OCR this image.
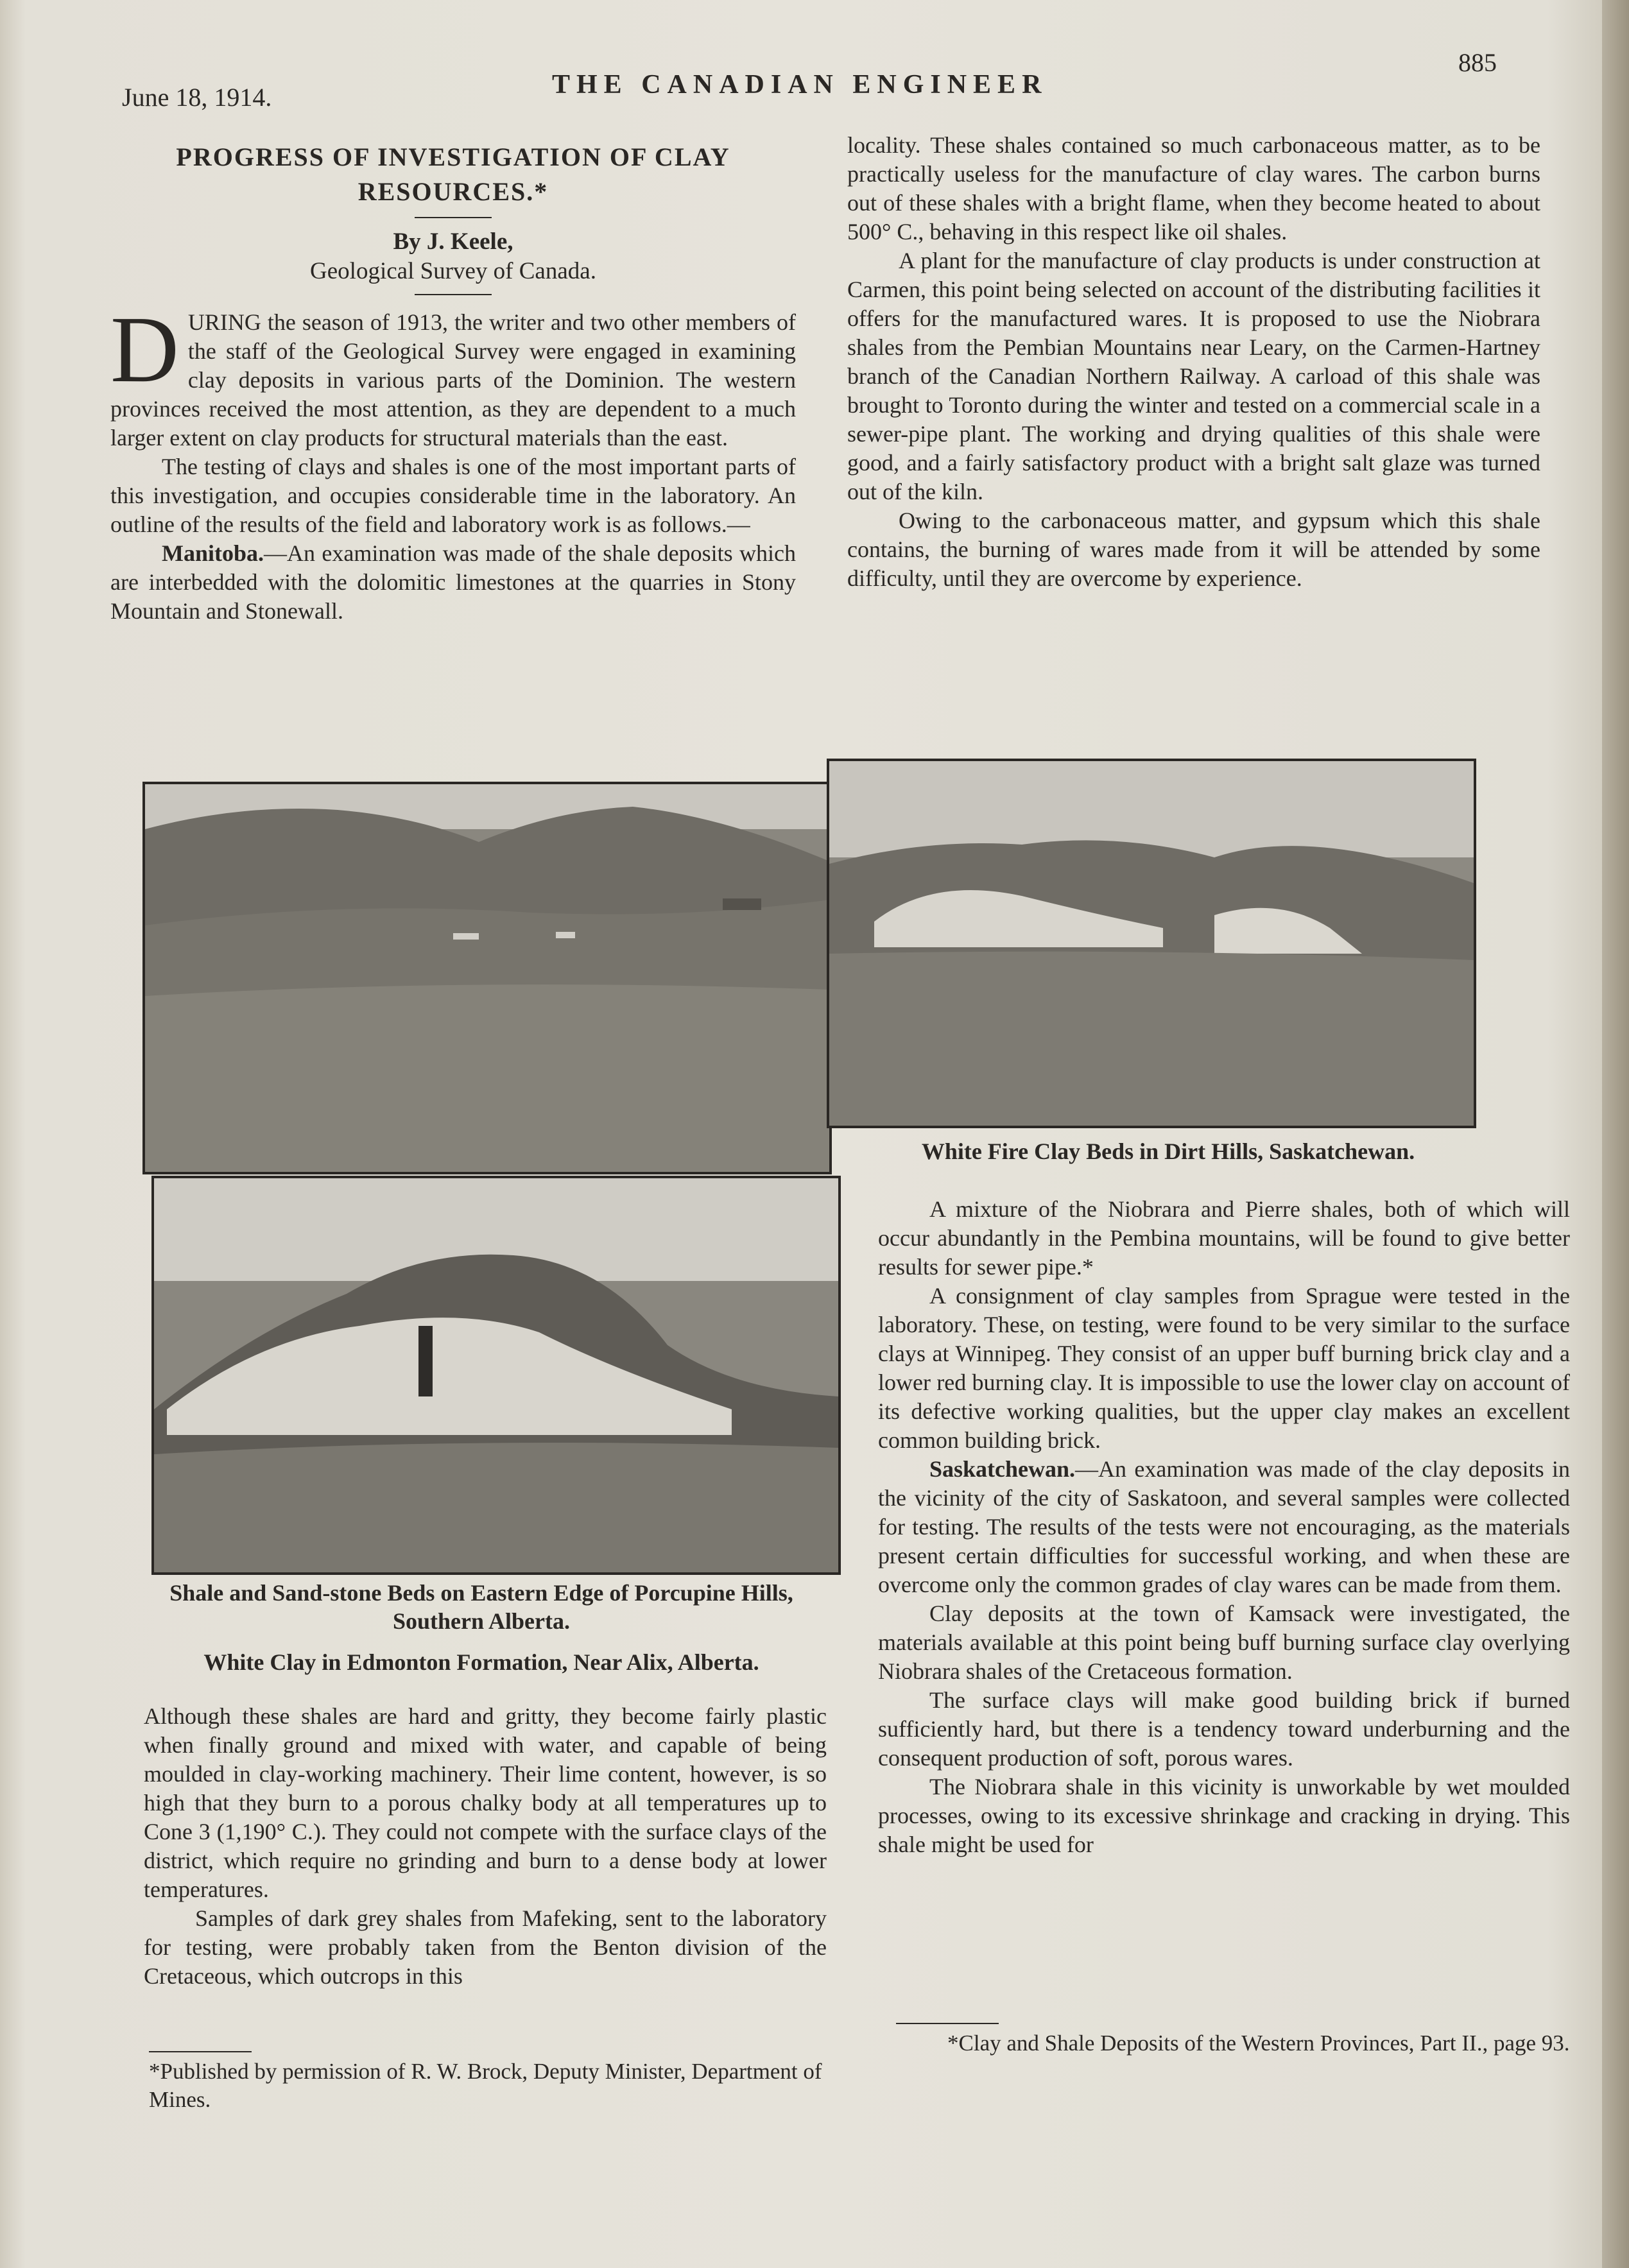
June 18, 1914.	THE CANADIAN ENGINEER
885
PROGRESS OF INVESTIGATION OF CLAY RESOURCES.*

By J. Keele,

Geological Survey of Canada.

DURING the season of 1913, the writer and two other members of the staff of the Geological Survey were engaged in examining clay deposits in various parts of the Dominion. The western provinces received the most attention, as they are dependent to a much larger extent on clay products for structural materials than the east.

The testing of clays and shales is one of the most important parts of this investigation, and occupies considerable time in the laboratory. An outline of the results of the field and laboratory work is as follows.—

Manitoba.—An examination was made of the shale deposits which are interbedded with the dolomitic limestones at the quarries in Stony Mountain and Stonewall.

locality. These shales contained so much carbonaceous matter, as to be practically useless for the manufacture of clay wares. The carbon burns out of these shales with a bright flame, when they become heated to about 500° C., behaving in this respect like oil shales.

A plant for the manufacture of clay products is under construction at Carmen, this point being selected on account of the distributing facilities it offers for the manufactured wares. It is proposed to use the Niobrara shales from the Pembian Mountains near Leary, on the Carmen-Hartney branch of the Canadian Northern Railway. A carload of this shale was brought to Toronto during the winter and tested on a commercial scale in a sewer-pipe plant. The working and drying qualities of this shale were good, and a fairly satisfactory product with a bright salt glaze was turned out of the kiln.

Owing to the carbonaceous matter, and gypsum which this shale contains, the burning of wares made from it will be attended by some difficulty, until they are overcome by experience.

White Fire Clay Beds in Dirt Hills, Saskatchewan.
Shale and Sand-stone Beds on Eastern Edge of Porcupine Hills, Southern Alberta.
White Clay in Edmonton Formation, Near Alix, Alberta.

Although these shales are hard and gritty, they become fairly plastic when finally ground and mixed with water, and capable of being moulded in clay-working machinery. Their lime content, however, is so high that they burn to a porous chalky body at all temperatures up to Cone 3 (1,190° C.). They could not compete with the surface clays of the district, which require no grinding and burn to a dense body at lower temperatures.

Samples of dark grey shales from Mafeking, sent to the laboratory for testing, were probably taken from the Benton division of the Cretaceous, which outcrops in this

*Published by permission of R. W. Brock, Deputy Minister, Department of Mines.

A mixture of the Niobrara and Pierre shales, both of which will occur abundantly in the Pembina mountains, will be found to give better results for sewer pipe.*

A consignment of clay samples from Sprague were tested in the laboratory. These, on testing, were found to be very similar to the surface clays at Winnipeg. They consist of an upper buff burning brick clay and a lower red burning clay. It is impossible to use the lower clay on account of its defective working qualities, but the upper clay makes an excellent common building brick.

Saskatchewan.—An examination was made of the clay deposits in the vicinity of the city of Saskatoon, and several samples were collected for testing. The results of the tests were not encouraging, as the materials present certain difficulties for successful working, and when these are overcome only the common grades of clay wares can be made from them.

Clay deposits at the town of Kamsack were investigated, the materials available at this point being buff burning surface clay overlying Niobrara shales of the Cretaceous formation.

The surface clays will make good building brick if burned sufficiently hard, but there is a tendency toward underburning and the consequent production of soft, porous wares.

The Niobrara shale in this vicinity is unworkable by wet moulded processes, owing to its excessive shrinkage and cracking in drying. This shale might be used for

*Clay and Shale Deposits of the Western Provinces, Part II., page 93.
